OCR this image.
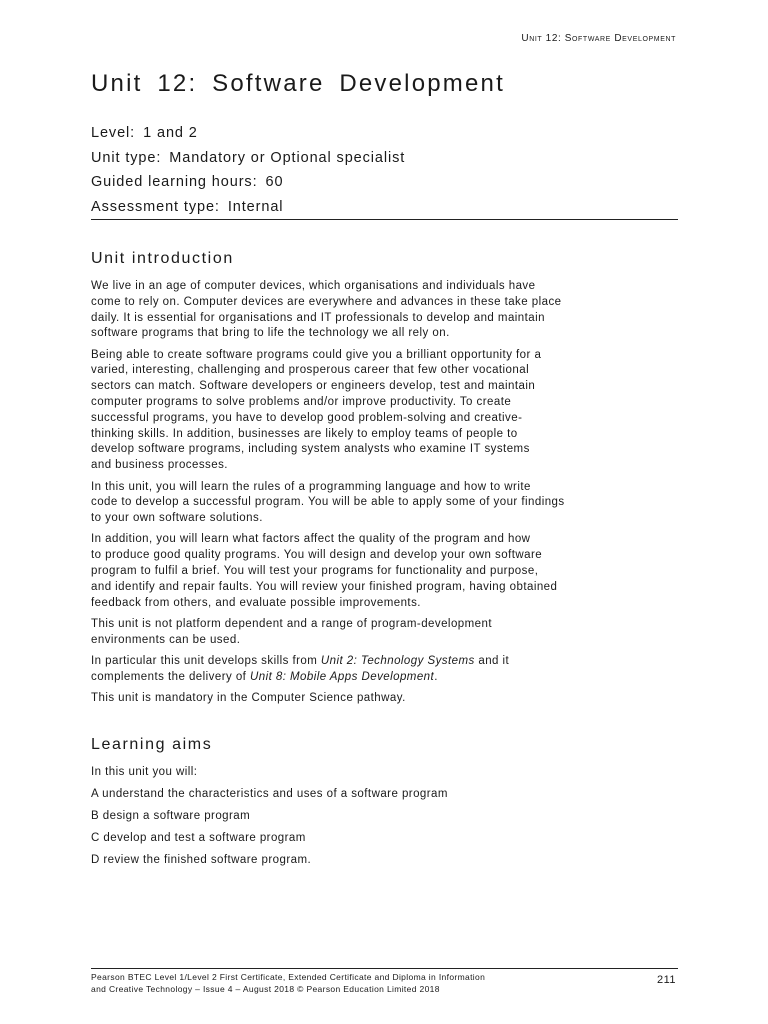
Unit 12: Software Development
Unit 12: Software Development
Level: 1 and 2
Unit type: Mandatory or Optional specialist
Guided learning hours: 60
Assessment type: Internal
Unit introduction

We live in an age of computer devices, which organisations and individuals have
come to rely on. Computer devices are everywhere and advances in these take place
daily. It is essential for organisations and IT professionals to develop and maintain
software programs that bring to life the technology we all rely on.

Being able to create software programs could give you a brilliant opportunity for a
varied, interesting, challenging and prosperous career that few other vocational
sectors can match. Software developers or engineers develop, test and maintain
computer programs to solve problems and/or improve productivity. To create
successful programs, you have to develop good problem-solving and creative-
thinking skills. In addition, businesses are likely to employ teams of people to
develop software programs, including system analysts who examine IT systems
and business processes.

In this unit, you will learn the rules of a programming language and how to write
code to develop a successful program. You will be able to apply some of your findings
to your own software solutions.

In addition, you will learn what factors affect the quality of the program and how
to produce good quality programs. You will design and develop your own software
program to fulfil a brief. You will test your programs for functionality and purpose,
and identify and repair faults. You will review your finished program, having obtained
feedback from others, and evaluate possible improvements.

This unit is not platform dependent and a range of program-development
environments can be used.

In particular this unit develops skills from Unit 2: Technology Systems and it
complements the delivery of Unit 8: Mobile Apps Development.

This unit is mandatory in the Computer Science pathway.

Learning aims

In this unit you will:

A understand the characteristics and uses of a software program
B design a software program
C develop and test a software program
D review the finished software program.
Pearson BTEC Level 1/Level 2 First Certificate, Extended Certificate and Diploma in Information
and Creative Technology – Issue 4 – August 2018 © Pearson Education Limited 2018
211
